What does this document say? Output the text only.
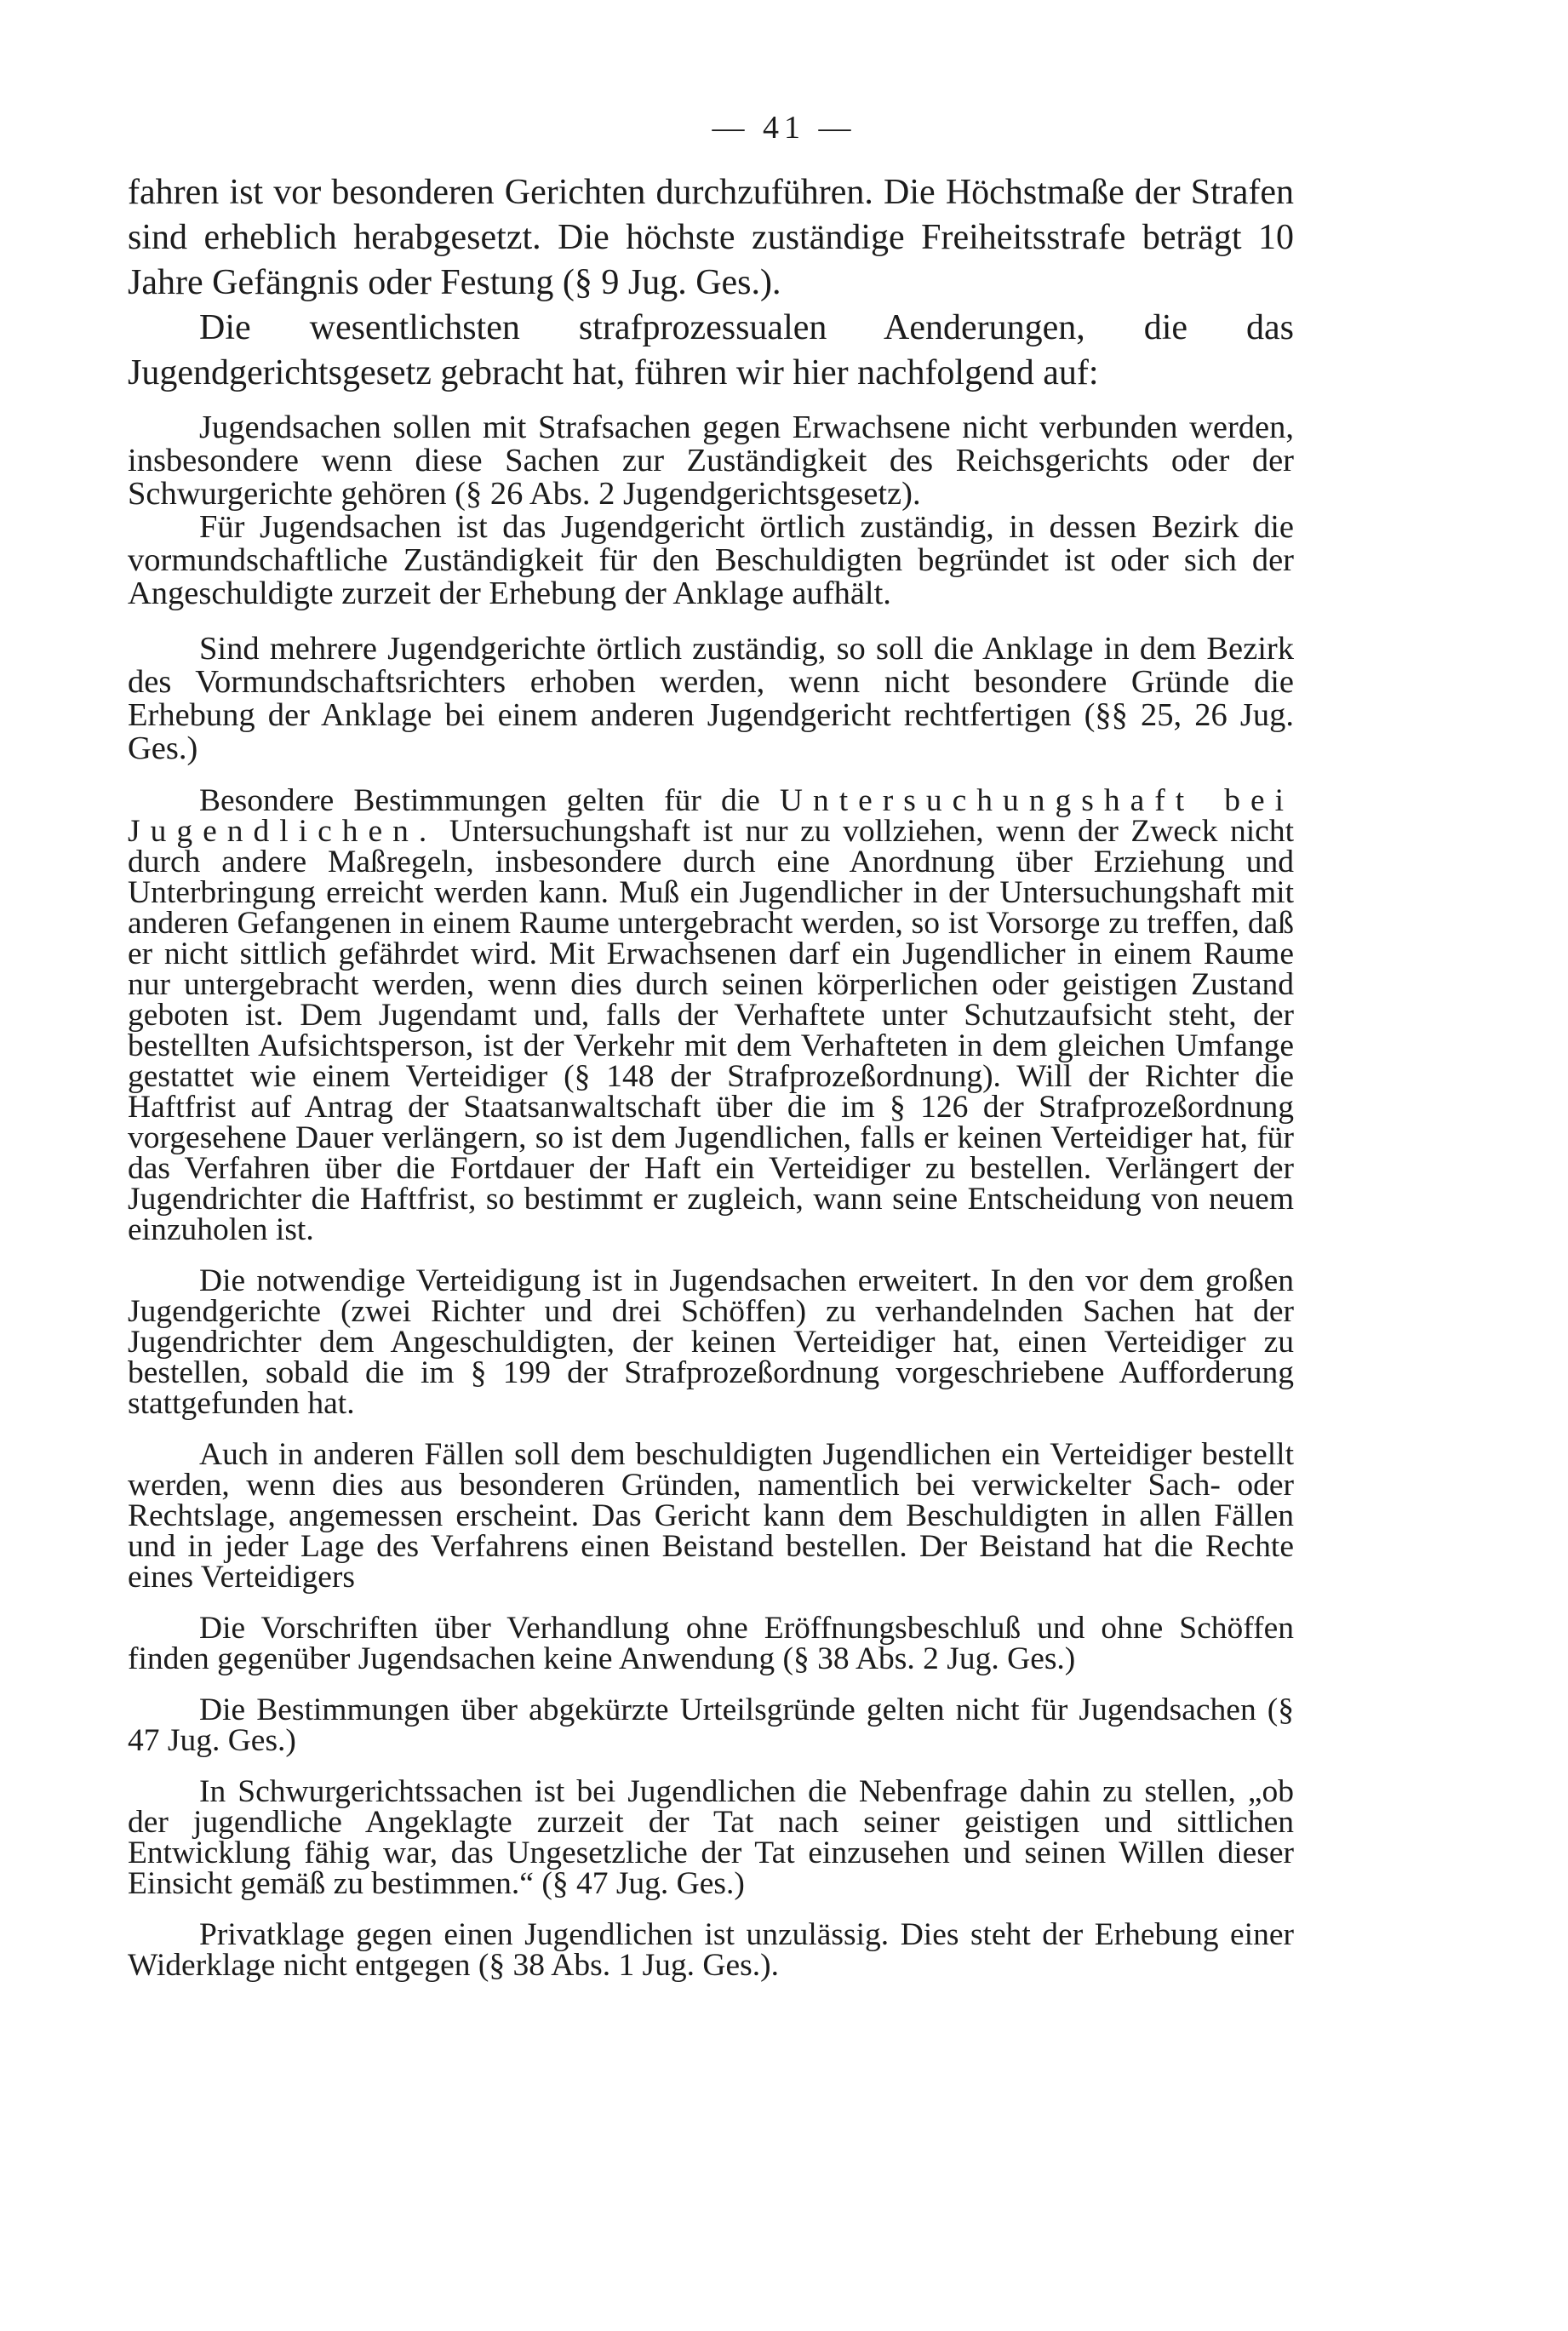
— 41 —

fahren ist vor besonderen Gerichten durchzuführen. Die Höchstmaße der Strafen sind erheblich herabgesetzt. Die höchste zuständige Freiheitsstrafe beträgt 10 Jahre Gefängnis oder Festung (§ 9 Jug. Ges.).

Die wesentlichsten strafprozessualen Aenderungen, die das Jugendgerichtsgesetz gebracht hat, führen wir hier nachfolgend auf:

Jugendsachen sollen mit Strafsachen gegen Erwachsene nicht verbunden werden, insbesondere wenn diese Sachen zur Zuständigkeit des Reichsgerichts oder der Schwurgerichte gehören (§ 26 Abs. 2 Jugendgerichtsgesetz).

Für Jugendsachen ist das Jugendgericht örtlich zuständig, in dessen Bezirk die vormundschaftliche Zuständigkeit für den Beschuldigten begründet ist oder sich der Angeschuldigte zurzeit der Erhebung der Anklage aufhält.

Sind mehrere Jugendgerichte örtlich zuständig, so soll die Anklage in dem Bezirk des Vormundschaftsrichters erhoben werden, wenn nicht besondere Gründe die Erhebung der Anklage bei einem anderen Jugendgericht rechtfertigen (§§ 25, 26 Jug. Ges.)

Besondere Bestimmungen gelten für die Untersuchungshaft bei Jugendlichen. Untersuchungshaft ist nur zu vollziehen, wenn der Zweck nicht durch andere Maßregeln, insbesondere durch eine Anordnung über Erziehung und Unterbringung erreicht werden kann. Muß ein Jugendlicher in der Untersuchungshaft mit anderen Gefangenen in einem Raume untergebracht werden, so ist Vorsorge zu treffen, daß er nicht sittlich gefährdet wird. Mit Erwachsenen darf ein Jugendlicher in einem Raume nur untergebracht werden, wenn dies durch seinen körperlichen oder geistigen Zustand geboten ist. Dem Jugendamt und, falls der Verhaftete unter Schutzaufsicht steht, der bestellten Aufsichtsperson, ist der Verkehr mit dem Verhafteten in dem gleichen Umfange gestattet wie einem Verteidiger (§ 148 der Strafprozeßordnung). Will der Richter die Haftfrist auf Antrag der Staatsanwaltschaft über die im § 126 der Strafprozeßordnung vorgesehene Dauer verlängern, so ist dem Jugendlichen, falls er keinen Verteidiger hat, für das Verfahren über die Fortdauer der Haft ein Verteidiger zu bestellen. Verlängert der Jugendrichter die Haftfrist, so bestimmt er zugleich, wann seine Entscheidung von neuem einzuholen ist.

Die notwendige Verteidigung ist in Jugendsachen erweitert. In den vor dem großen Jugendgerichte (zwei Richter und drei Schöffen) zu verhandelnden Sachen hat der Jugendrichter dem Angeschuldigten, der keinen Verteidiger hat, einen Verteidiger zu bestellen, sobald die im § 199 der Strafprozeßordnung vorgeschriebene Aufforderung stattgefunden hat.

Auch in anderen Fällen soll dem beschuldigten Jugendlichen ein Verteidiger bestellt werden, wenn dies aus besonderen Gründen, namentlich bei verwickelter Sach- oder Rechtslage, angemessen erscheint. Das Gericht kann dem Beschuldigten in allen Fällen und in jeder Lage des Verfahrens einen Beistand bestellen. Der Beistand hat die Rechte eines Verteidigers

Die Vorschriften über Verhandlung ohne Eröffnungsbeschluß und ohne Schöffen finden gegenüber Jugendsachen keine Anwendung (§ 38 Abs. 2 Jug. Ges.)

Die Bestimmungen über abgekürzte Urteilsgründe gelten nicht für Jugendsachen (§ 47 Jug. Ges.)

In Schwurgerichtssachen ist bei Jugendlichen die Nebenfrage dahin zu stellen, „ob der jugendliche Angeklagte zurzeit der Tat nach seiner geistigen und sittlichen Entwicklung fähig war, das Ungesetzliche der Tat einzusehen und seinen Willen dieser Einsicht gemäß zu bestimmen.“ (§ 47 Jug. Ges.)

Privatklage gegen einen Jugendlichen ist unzulässig. Dies steht der Erhebung einer Widerklage nicht entgegen (§ 38 Abs. 1 Jug. Ges.).
